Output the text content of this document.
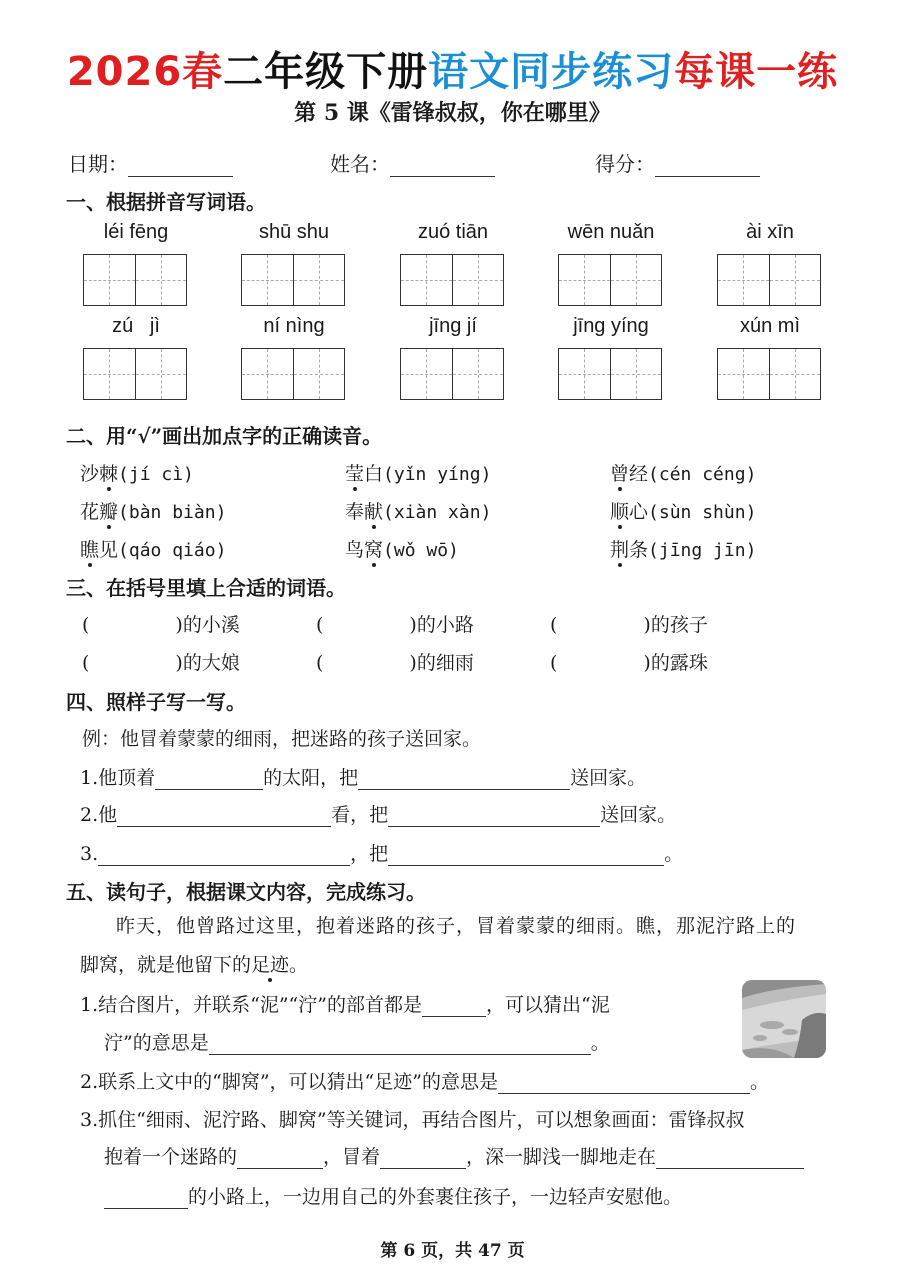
2026春二年级下册语文同步练习每课一练
第 5 课《雷锋叔叔，你在哪里》
日期：	姓名：	得分：
一、根据拼音写词语。
léi fēng	shū shu	zuó tiān	wēn nuǎn	ài xīn
zú   jì	ní nìng	jīng jí	jīng yíng	xún mì
二、用“√”画出加点字的正确读音。
沙棘(jí cì)	莹白(yǐn yíng)	曾经(cén céng)
花瓣(bàn biàn)	奉献(xiàn xàn)	顺心(sùn shùn)
瞧见(qáo qiáo)	鸟窝(wǒ wō)	荆条(jīng jīn)
三、在括号里填上合适的词语。
(	)的小溪	(	)的小路	(	)的孩子
(	)的大娘	(	)的细雨	(	)的露珠
四、照样子写一写。
例：他冒着蒙蒙的细雨，把迷路的孩子送回家。
1.他顶着	的太阳，把	送回家。
2.他	看，把	送回家。
3.	，把	。
五、读句子，根据课文内容，完成练习。
昨天，他曾路过这里，抱着迷路的孩子，冒着蒙蒙的细雨。瞧，那泥泞路上的
脚窝，就是他留下的足迹。
1.结合图片，并联系“泥”“泞”的部首都是	，可以猜出“泥
泞”的意思是	。
2.联系上文中的“脚窝”，可以猜出“足迹”的意思是	。
3.抓住“细雨、泥泞路、脚窝”等关键词，再结合图片，可以想象画面：雷锋叔叔
抱着一个迷路的	，冒着	，深一脚浅一脚地走在
的小路上，一边用自己的外套裹住孩子，一边轻声安慰他。
第 6 页，共 47 页
